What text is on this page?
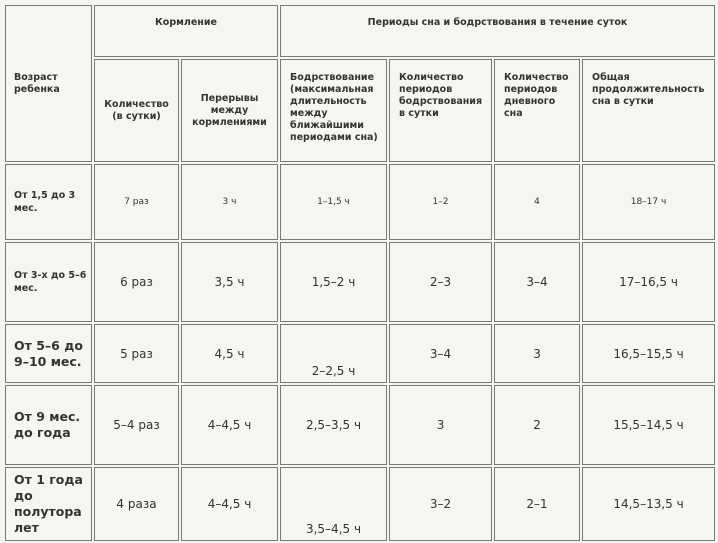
Возраст ребенка	Кормление		Периоды сна и бодрствования в течение суток			
	Количество (в сутки)	Перерывы между кормлениями	Бодрствование (максимальная длительность между ближайшими периодами сна)	Количество периодов бодрствования в сутки	Количество периодов дневного сна	Общая продолжительность сна в сутки
От 1,5 до 3 мес.	7 раз	3 ч	1–1,5 ч	1–2	4	18–17 ч
От 3-х до 5–6 мес.	6 раз	3,5 ч	1,5–2 ч	2–3	3–4	17–16,5 ч
От 5–6 до 9–10 мес.	5 раз	4,5 ч	2–2,5 ч	3–4	3	16,5–15,5 ч
От 9 мес. до года	5–4 раз	4–4,5 ч	2,5–3,5 ч	3	2	15,5–14,5 ч
От 1 года до полутора лет	4 раза	4–4,5 ч	3,5–4,5 ч	3–2	2–1	14,5–13,5 ч
